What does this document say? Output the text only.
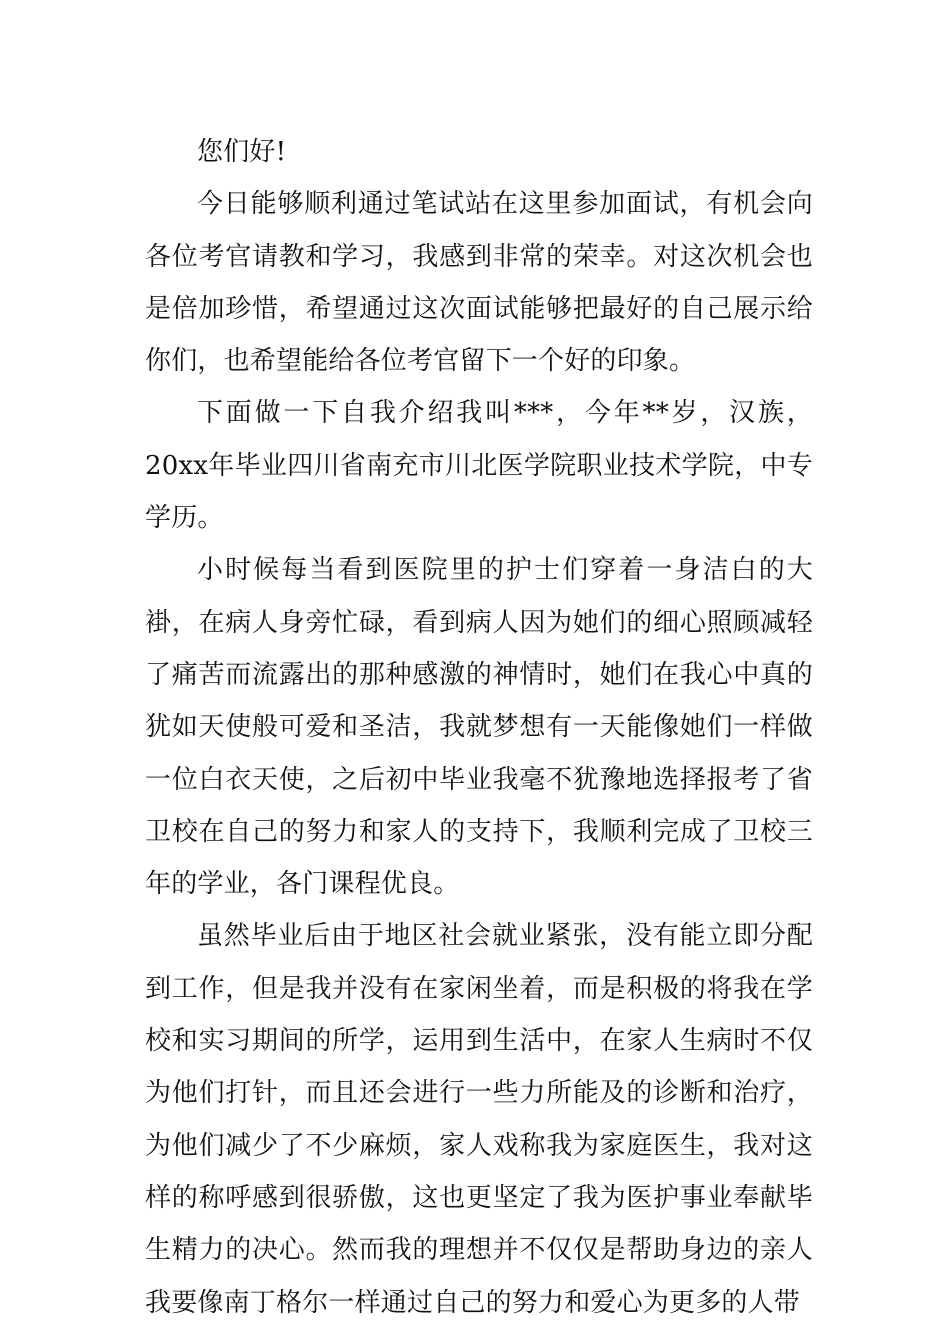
您们好!

今日能够顺利通过笔试站在这里参加面试，有机会向各位考官请教和学习，我感到非常的荣幸。对这次机会也是倍加珍惜，希望通过这次面试能够把最好的自己展示给你们，也希望能给各位考官留下一个好的印象。

下面做一下自我介绍我叫***，今年**岁，汉族，20xx年毕业四川省南充市川北医学院职业技术学院，中专学历。

小时候每当看到医院里的护士们穿着一身洁白的大褂，在病人身旁忙碌，看到病人因为她们的细心照顾减轻了痛苦而流露出的那种感激的神情时，她们在我心中真的犹如天使般可爱和圣洁，我就梦想有一天能像她们一样做一位白衣天使，之后初中毕业我毫不犹豫地选择报考了省卫校在自己的努力和家人的支持下，我顺利完成了卫校三年的学业，各门课程优良。

虽然毕业后由于地区社会就业紧张，没有能立即分配到工作，但是我并没有在家闲坐着，而是积极的将我在学校和实习期间的所学，运用到生活中，在家人生病时不仅为他们打针，而且还会进行一些力所能及的诊断和治疗，为他们减少了不少麻烦，家人戏称我为家庭医生，我对这样的称呼感到很骄傲，这也更坚定了我为医护事业奉献毕生精力的决心。然而我的理想并不仅仅是帮助身边的亲人我要像南丁格尔一样通过自己的努力和爱心为更多的人带
